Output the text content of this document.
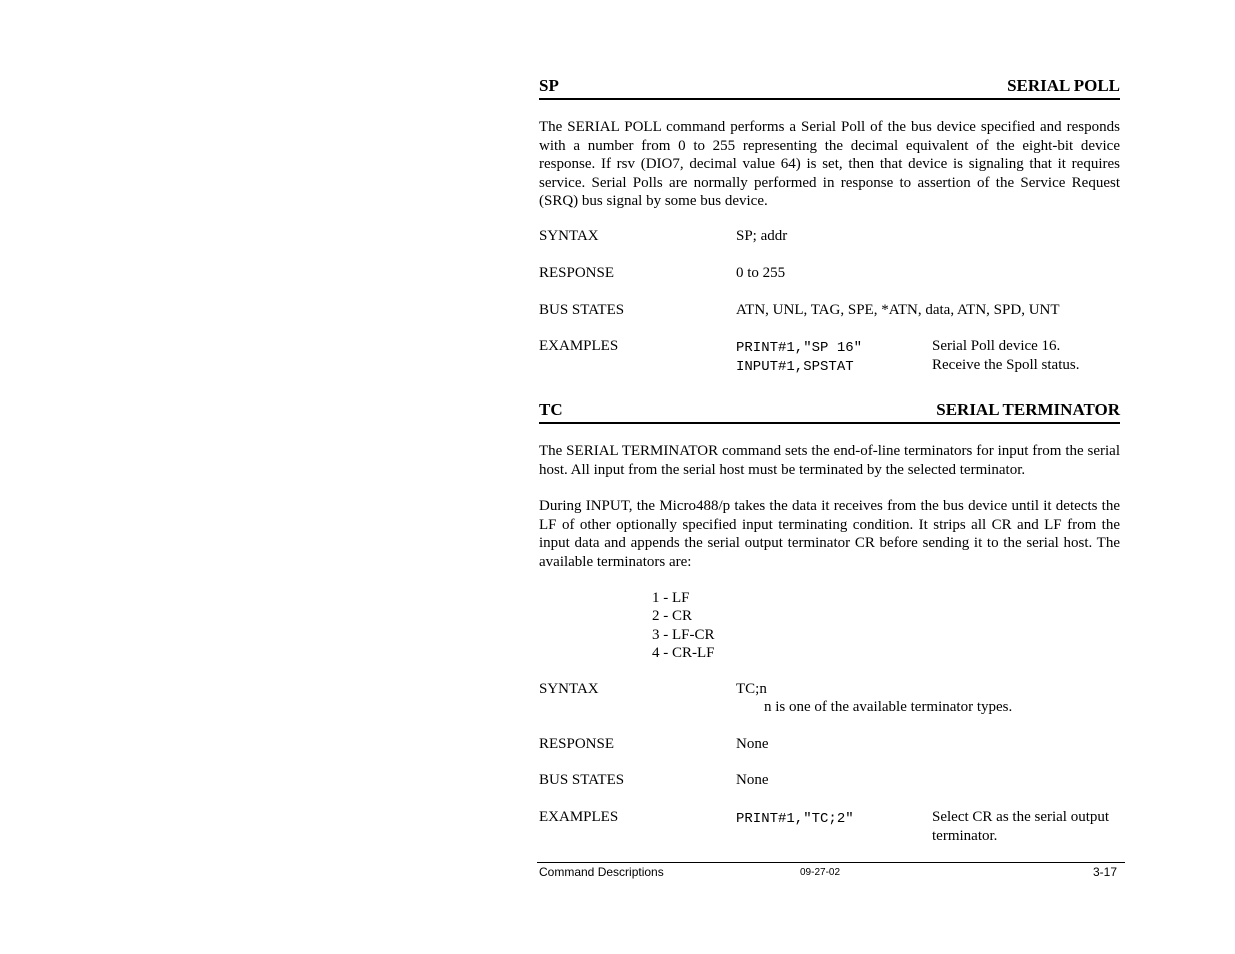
SP	SERIAL POLL
The SERIAL POLL command performs a Serial Poll of the bus device specified and responds with a number from 0 to 255 representing the decimal equivalent of the eight-bit device response. If rsv (DIO7, decimal value 64) is set, then that device is signaling that it requires service. Serial Polls are normally performed in response to assertion of the Service Request (SRQ) bus signal by some bus device.
SYNTAX	SP; addr
RESPONSE	0 to 255
BUS STATES	ATN, UNL, TAG, SPE, *ATN, data, ATN, SPD, UNT
EXAMPLES	PRINT#1,"SP 16"	Serial Poll device 16.
INPUT#1,SPSTAT	Receive the Spoll status.
TC	SERIAL TERMINATOR
The SERIAL TERMINATOR command sets the end-of-line terminators for input from the serial host. All input from the serial host must be terminated by the selected terminator.
During INPUT, the Micro488/p takes the data it receives from the bus device until it detects the LF of other optionally specified input terminating condition. It strips all CR and LF from the input data and appends the serial output terminator CR before sending it to the serial host. The available terminators are:
1 - LF
2 - CR
3 - LF-CR
4 - CR-LF
SYNTAX	TC;n
n is one of the available terminator types.
RESPONSE	None
BUS STATES	None
EXAMPLES	PRINT#1,"TC;2"	Select CR as the serial output
terminator.
Command Descriptions	09-27-02	3-17
